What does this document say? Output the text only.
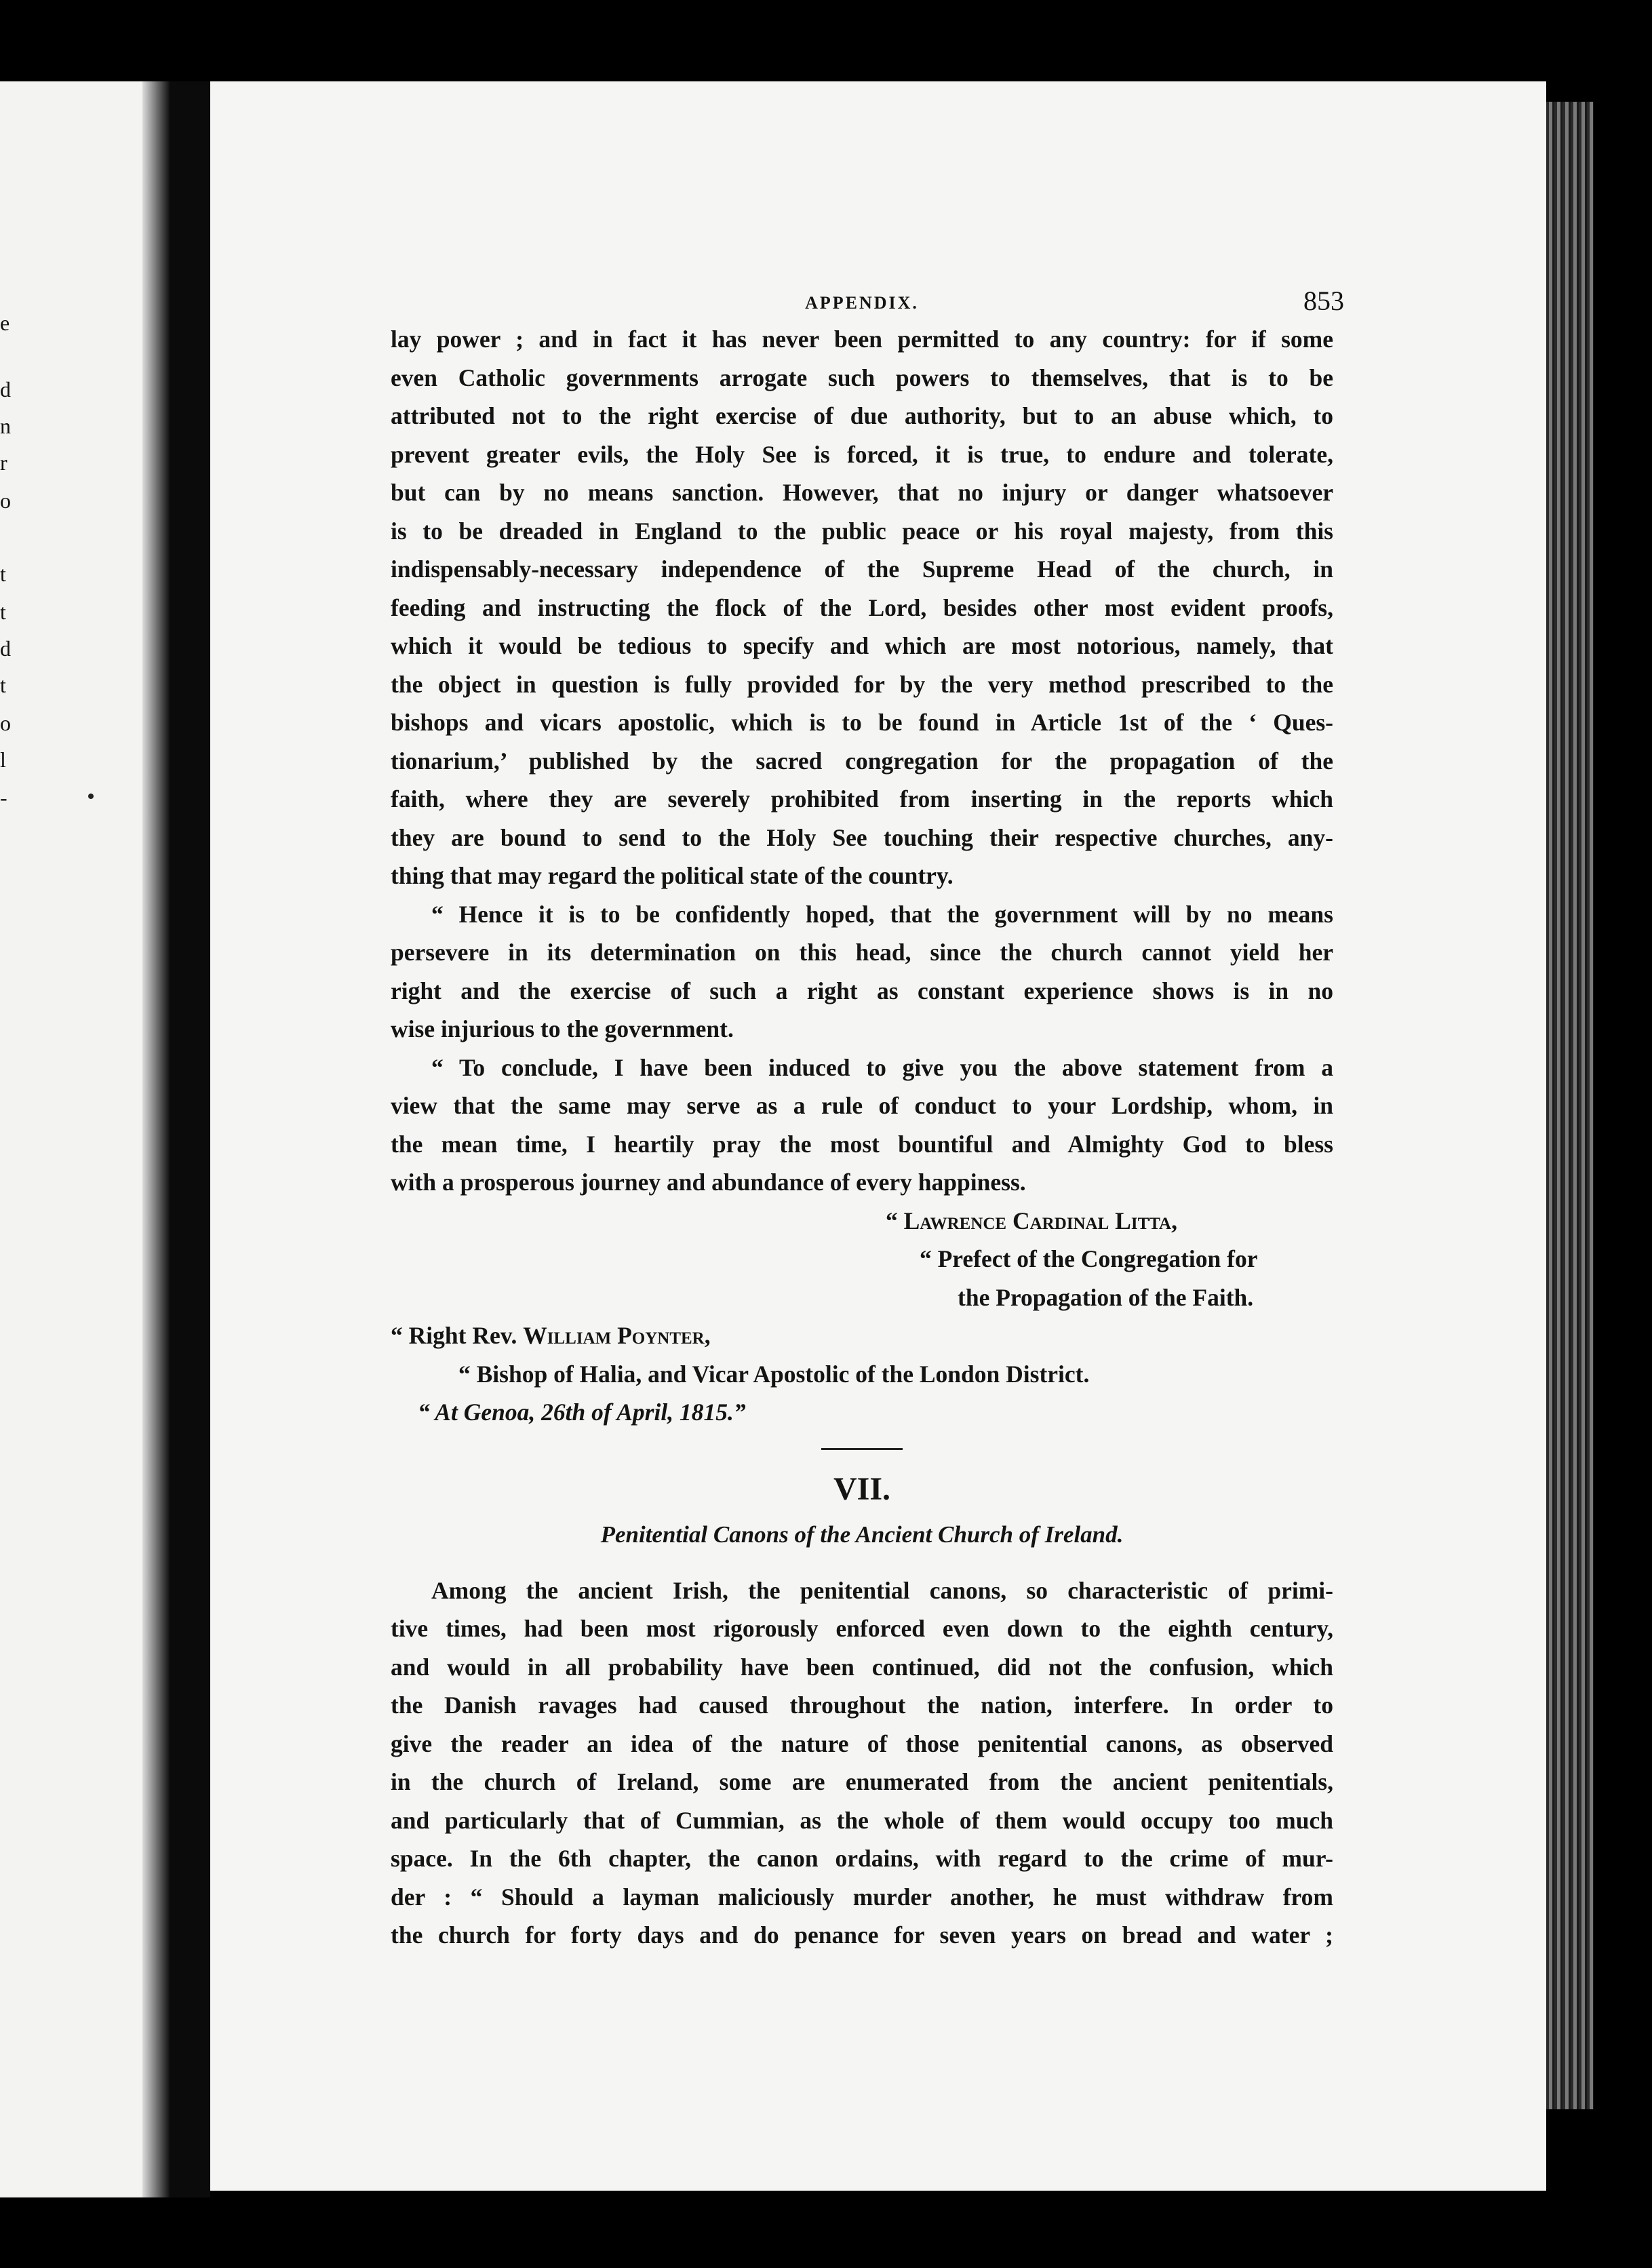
e
d
n
r
o
t
t
d
t
o
l
-
APPENDIX.	853
lay power ; and in fact it has never been permitted to any country: for if some
even Catholic governments arrogate such powers to themselves, that is to be
attributed not to the right exercise of due authority, but to an abuse which, to
prevent greater evils, the Holy See is forced, it is true, to endure and tolerate,
but can by no means sanction. However, that no injury or danger whatsoever
is to be dreaded in England to the public peace or his royal majesty, from this
indispensably-necessary independence of the Supreme Head of the church, in
feeding and instructing the flock of the Lord, besides other most evident proofs,
which it would be tedious to specify and which are most notorious, namely, that
the object in question is fully provided for by the very method prescribed to the
bishops and vicars apostolic, which is to be found in Article 1st of the ‘ Ques-
tionarium,’ published by the sacred congregation for the propagation of the
faith, where they are severely prohibited from inserting in the reports which
they are bound to send to the Holy See touching their respective churches, any-
thing that may regard the political state of the country.
“ Hence it is to be confidently hoped, that the government will by no means
persevere in its determination on this head, since the church cannot yield her
right and the exercise of such a right as constant experience shows is in no
wise injurious to the government.
“ To conclude, I have been induced to give you the above statement from a
view that the same may serve as a rule of conduct to your Lordship, whom, in
the mean time, I heartily pray the most bountiful and Almighty God to bless
with a prosperous journey and abundance of every happiness.
“ Lawrence Cardinal Litta,
“ Prefect of the Congregation for
the Propagation of the Faith.
“ Right Rev. William Poynter,
“ Bishop of Halia, and Vicar Apostolic of the London District.
“ At Genoa, 26th of April, 1815.”
VII.
Penitential Canons of the Ancient Church of Ireland.
Among the ancient Irish, the penitential canons, so characteristic of primi-
tive times, had been most rigorously enforced even down to the eighth century,
and would in all probability have been continued, did not the confusion, which
the Danish ravages had caused throughout the nation, interfere. In order to
give the reader an idea of the nature of those penitential canons, as observed
in the church of Ireland, some are enumerated from the ancient penitentials,
and particularly that of Cummian, as the whole of them would occupy too much
space. In the 6th chapter, the canon ordains, with regard to the crime of mur-
der : “ Should a layman maliciously murder another, he must withdraw from
the church for forty days and do penance for seven years on bread and water ;
